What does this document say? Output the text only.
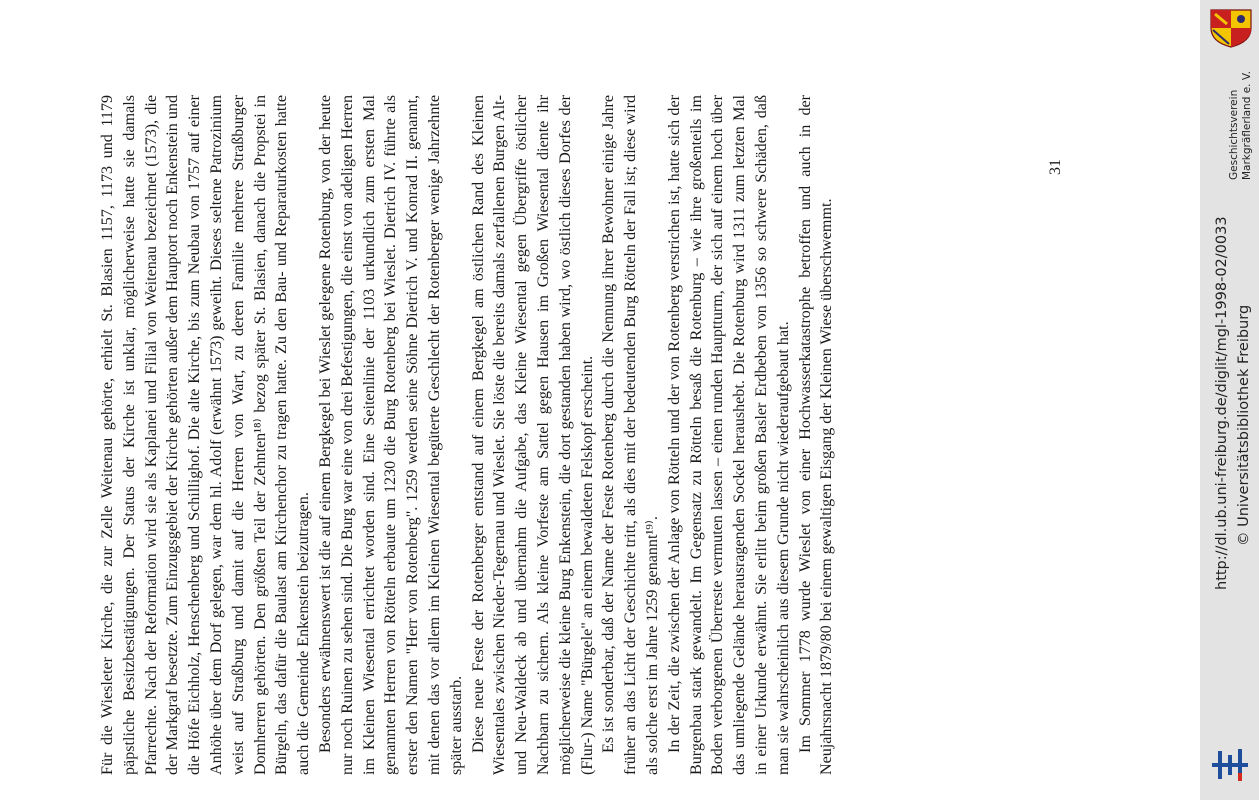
Für die Wiesleter Kirche, die zur Zelle Weitenau gehörte, erhielt St. Blasien 1157, 1173 und 1179 päpstliche Besitzbestätigungen. Der Status der Kirche ist unklar, möglicherweise hatte sie damals Pfarrechte. Nach der Reformation wird sie als Kaplanei und Filial von Weitenau bezeichnet (1573), die der Markgraf besetzte. Zum Einzugsgebiet der Kirche gehörten außer dem Hauptort noch Enkenstein und die Höfe Eichholz, Henschenberg und Schillighof. Die alte Kirche, bis zum Neubau von 1757 auf einer Anhöhe über dem Dorf gelegen, war dem hl. Adolf (erwähnt 1573) geweiht. Dieses seltene Patrozinium weist auf Straßburg und damit auf die Herren von Wart, zu deren Familie mehrere Straßburger Domherren gehörten. Den größten Teil der Zehnten¹⁸⁾ bezog später St. Blasien, danach die Propstei in Bürgeln, das dafür die Baulast am Kirchenchor zu tragen hatte. Zu den Bau- und Reparaturkosten hatte auch die Gemeinde Enkenstein beizutragen. Besonders erwähnenswert ist die auf einem Bergkegel bei Wieslet gelegene Rotenburg, von der heute nur noch Ruinen zu sehen sind. Die Burg war eine von drei Befestigungen, die einst von adeligen Herren im Kleinen Wiesental errichtet worden sind. Eine Seitenlinie der 1103 urkundlich zum ersten Mal genannten Herren von Rötteln erbaute um 1230 die Burg Rotenberg bei Wieslet. Dietrich IV. führte als erster den Namen "Herr von Rotenberg". 1259 werden seine Söhne Dietrich V. und Konrad II. genannt, mit denen das vor allem im Kleinen Wiesental begüterte Geschlecht der Rotenberger wenige Jahrzehnte später ausstarb. Diese neue Feste der Rotenberger entstand auf einem Bergkegel am östlichen Rand des Kleinen Wiesentales zwischen Nieder-Tegernau und Wieslet. Sie löste die bereits damals zerfallenen Burgen Alt- und Neu-Waldeck ab und übernahm die Aufgabe, das Kleine Wiesental gegen Übergriffe östlicher Nachbarn zu sichern. Als kleine Vorfeste am Sattel gegen Hausen im Großen Wiesental diente ihr möglicherweise die kleine Burg Enkenstein, die dort gestanden haben wird, wo östlich dieses Dorfes der (Flur-) Name "Bürgele" an einem bewaldeten Felskopf erscheint. Es ist sonderbar, daß der Name der Feste Rotenberg durch die Nennung ihrer Bewohner einige Jahre früher an das Licht der Geschichte tritt, als dies mit der bedeutenden Burg Rötteln der Fall ist; diese wird als solche erst im Jahre 1259 genannt¹⁹⁾. In der Zeit, die zwischen der Anlage von Rötteln und der von Rotenberg verstrichen ist, hatte sich der Burgenbau stark gewandelt. Im Gegensatz zu Rötteln besaß die Rotenburg – wie ihre großenteils im Boden verborgenen Überreste vermuten lassen – einen runden Hauptturm, der sich auf einem hoch über das umliegende Gelände herausragenden Sockel heraushebt. Die Rotenburg wird 1311 zum letzten Mal in einer Urkunde erwähnt. Sie erlitt beim großen Basler Erdbeben von 1356 so schwere Schäden, daß man sie wahrscheinlich aus diesem Grunde nicht wiederaufgebaut hat. Im Sommer 1778 wurde Wieslet von einer Hochwasserkatastrophe betroffen und auch in der Neujahrsnacht 1879/80 bei einem gewaltigen Eisgang der Kleinen Wiese überschwemmt.

31
http://dl.ub.uni-freiburg.de/diglit/mgl-1998-02/0033 © Universitätsbibliothek Freiburg
Geschichtsverein Markgräflerland e. V.
